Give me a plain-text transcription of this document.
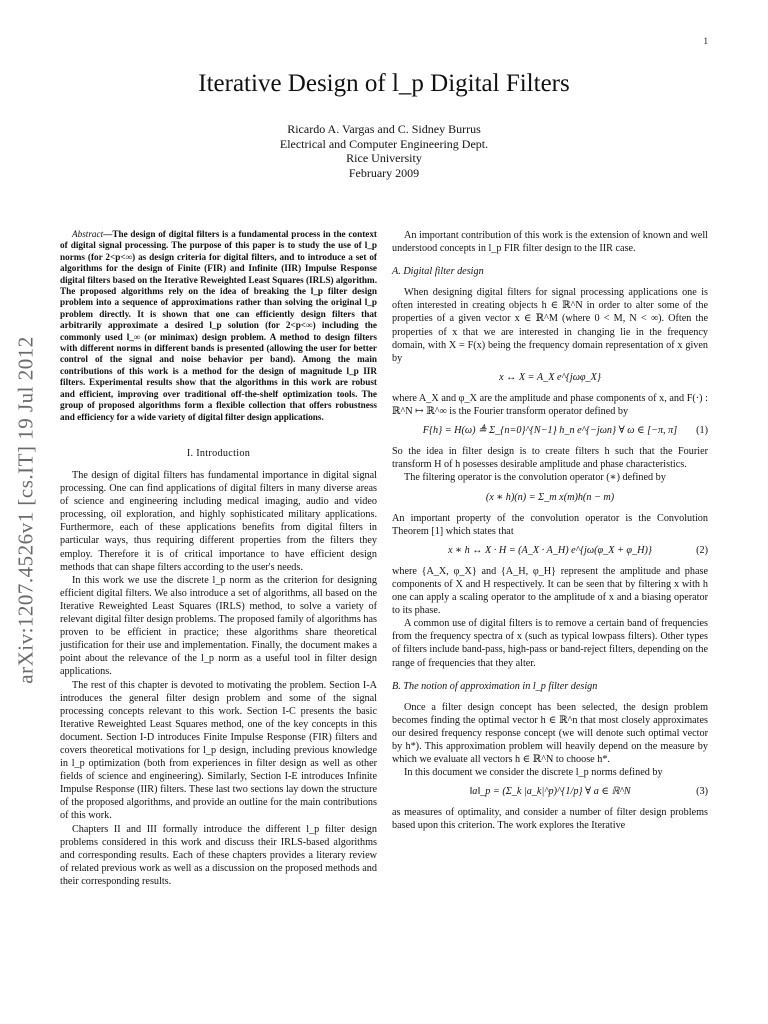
1
arXiv:1207.4526v1 [cs.IT] 19 Jul 2012
Iterative Design of l_p Digital Filters
Ricardo A. Vargas and C. Sidney Burrus
Electrical and Computer Engineering Dept.
Rice University
February 2009

Abstract—The design of digital filters is a fundamental process in the context of digital signal processing. The purpose of this paper is to study the use of l_p norms (for 2<p<∞) as design criteria for digital filters, and to introduce a set of algorithms for the design of Finite (FIR) and Infinite (IIR) Impulse Response digital filters based on the Iterative Reweighted Least Squares (IRLS) algorithm. The proposed algorithms rely on the idea of breaking the l_p filter design problem into a sequence of approximations rather than solving the original l_p problem directly. It is shown that one can efficiently design filters that arbitrarily approximate a desired l_p solution (for 2<p<∞) including the commonly used l_∞ (or minimax) design problem. A method to design filters with different norms in different bands is presented (allowing the user for better control of the signal and noise behavior per band). Among the main contributions of this work is a method for the design of magnitude l_p IIR filters. Experimental results show that the algorithms in this work are robust and efficient, improving over traditional off-the-shelf optimization tools. The group of proposed algorithms form a flexible collection that offers robustness and efficiency for a wide variety of digital filter design applications.

I. Introduction

The design of digital filters has fundamental importance in digital signal processing. One can find applications of digital filters in many diverse areas of science and engineering including medical imaging, audio and video processing, oil exploration, and highly sophisticated military applications. Furthermore, each of these applications benefits from digital filters in particular ways, thus requiring different properties from the filters they employ. Therefore it is of critical importance to have efficient design methods that can shape filters according to the user's needs.

In this work we use the discrete l_p norm as the criterion for designing efficient digital filters. We also introduce a set of algorithms, all based on the Iterative Reweighted Least Squares (IRLS) method, to solve a variety of relevant digital filter design problems. The proposed family of algorithms has proven to be efficient in practice; these algorithms share theoretical justification for their use and implementation. Finally, the document makes a point about the relevance of the l_p norm as a useful tool in filter design applications.

The rest of this chapter is devoted to motivating the problem. Section I-A introduces the general filter design problem and some of the signal processing concepts relevant to this work. Section I-C presents the basic Iterative Reweighted Least Squares method, one of the key concepts in this document. Section I-D introduces Finite Impulse Response (FIR) filters and covers theoretical motivations for l_p design, including previous knowledge in l_p optimization (both from experiences in filter design as well as other fields of science and engineering). Similarly, Section I-E introduces Infinite Impulse Response (IIR) filters. These last two sections lay down the structure of the proposed algorithms, and provide an outline for the main contributions of this work.

Chapters II and III formally introduce the different l_p filter design problems considered in this work and discuss their IRLS-based algorithms and corresponding results. Each of these chapters provides a literary review of related previous work as well as a discussion on the proposed methods and their corresponding results.

An important contribution of this work is the extension of known and well understood concepts in l_p FIR filter design to the IIR case.

A. Digital filter design

When designing digital filters for signal processing applications one is often interested in creating objects h ∈ ℝ^N in order to alter some of the properties of a given vector x ∈ ℝ^M (where 0 < M, N < ∞). Often the properties of x that we are interested in changing lie in the frequency domain, with X = F(x) being the frequency domain representation of x given by

x ↔ X = A_X e^{jωφ_X}

where A_X and φ_X are the amplitude and phase components of x, and F(·) : ℝ^N ↦ ℝ^∞ is the Fourier transform operator defined by

F{h} = H(ω) ≜ Σ_{n=0}^{N−1} h_n e^{−jωn} ∀ ω ∈ [−π, π] (1)

So the idea in filter design is to create filters h such that the Fourier transform H of h posesses desirable amplitude and phase characteristics.

The filtering operator is the convolution operator (∗) defined by

(x ∗ h)(n) = Σ_m x(m)h(n − m)

An important property of the convolution operator is the Convolution Theorem [1] which states that

x ∗ h ↔ X · H = (A_X · A_H) e^{jω(φ_X + φ_H)}	(2)

where {A_X, φ_X} and {A_H, φ_H} represent the amplitude and phase components of X and H respectively. It can be seen that by filtering x with h one can apply a scaling operator to the amplitude of x and a biasing operator to its phase.

A common use of digital filters is to remove a certain band of frequencies from the frequency spectra of x (such as typical lowpass filters). Other types of filters include band-pass, high-pass or band-reject filters, depending on the range of frequencies that they alter.

B. The notion of approximation in l_p filter design

Once a filter design concept has been selected, the design problem becomes finding the optimal vector h ∈ ℝ^n that most closely approximates our desired frequency response concept (we will denote such optimal vector by h*). This approximation problem will heavily depend on the measure by which we evaluate all vectors h ∈ ℝ^N to choose h*.

In this document we consider the discrete l_p norms defined by

‖a‖_p = (Σ_k |a_k|^p)^{1/p} ∀ a ∈ ℝ^N	(3)

as measures of optimality, and consider a number of filter design problems based upon this criterion. The work explores the Iterative
